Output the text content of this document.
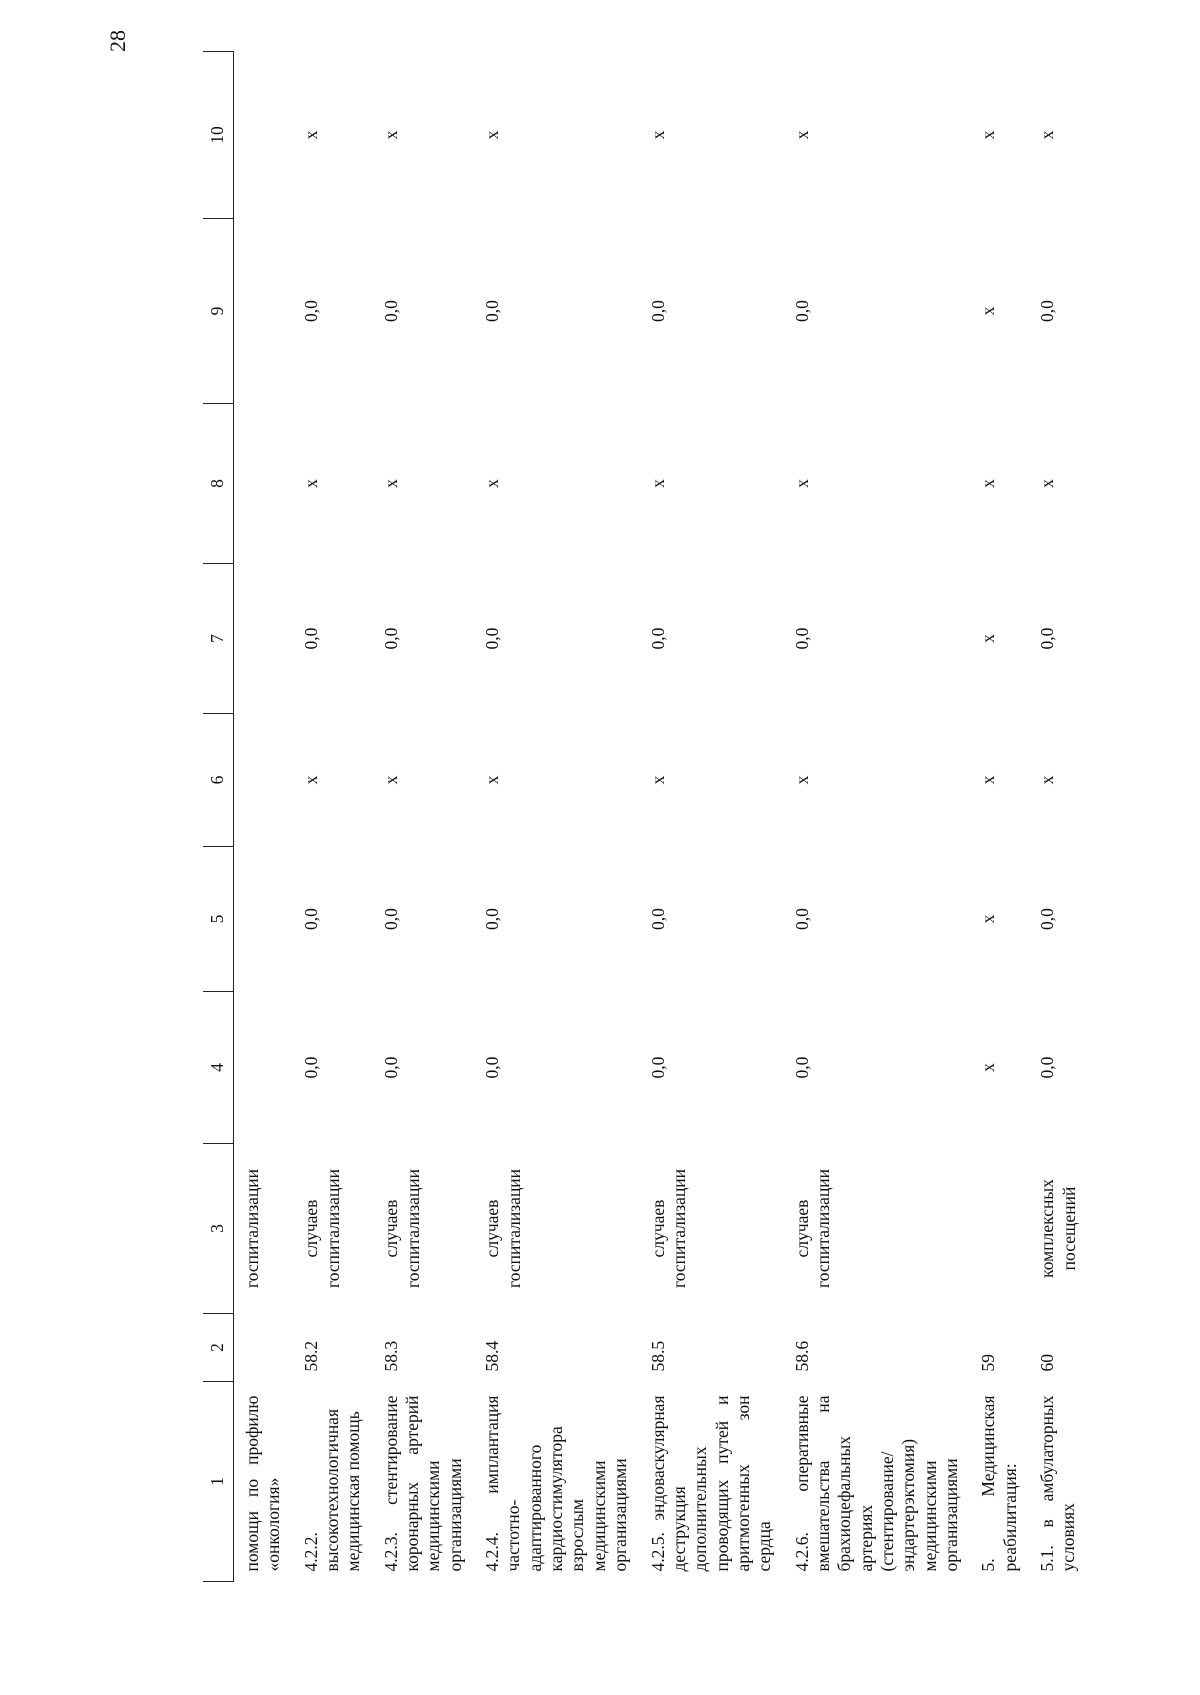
28
1	2	3	4	5	6	7	8	9	10
помощи по профилю «онкология»		госпитализации							
4.2.2. высокотехнологичная медицинская помощь	58.2	случаев госпитализации	0,0	0,0	x	0,0	x	0,0	x
4.2.3. стентирование коронарных артерий медицинскими организациями	58.3	случаев госпитализации	0,0	0,0	x	0,0	x	0,0	x
4.2.4. имплантация частотно-адаптированного кардиостимулятора взрослым медицинскими организациями	58.4	случаев госпитализации	0,0	0,0	x	0,0	x	0,0	x
4.2.5. эндоваскулярная деструкция дополнительных проводящих путей и аритмогенных зон сердца	58.5	случаев госпитализации	0,0	0,0	x	0,0	x	0,0	x
4.2.6. оперативные вмешательства на брахиоцефальных артериях (стентирование/ эндартерэктомия) медицинскими организациями	58.6	случаев госпитализации	0,0	0,0	x	0,0	x	0,0	x
5. Медицинская реабилитация:	59		x	x	x	x	x	x	x
5.1. в амбулаторных условиях	60	комплексных посещений	0,0	0,0	x	0,0	x	0,0	x
